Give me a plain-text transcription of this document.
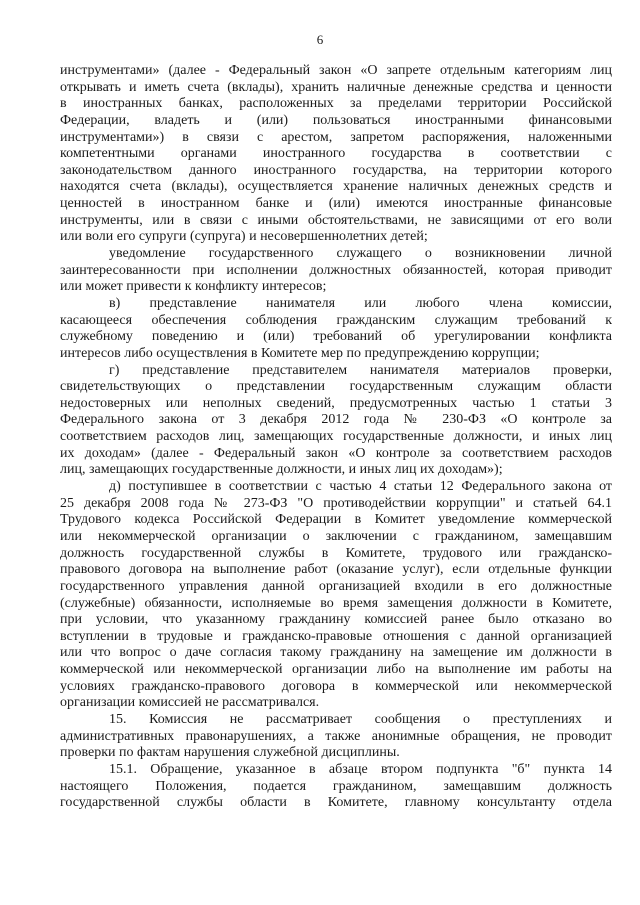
6
инструментами» (далее - Федеральный закон «О запрете отдельным категориям лиц
открывать и иметь счета (вклады), хранить наличные денежные средства и ценности
в иностранных банках, расположенных за пределами территории Российской
Федерации, владеть и (или) пользоваться иностранными финансовыми
инструментами») в связи с арестом, запретом распоряжения, наложенными
компетентными органами иностранного государства в соответствии с
законодательством данного иностранного государства, на территории которого
находятся счета (вклады), осуществляется хранение наличных денежных средств и
ценностей в иностранном банке и (или) имеются иностранные финансовые
инструменты, или в связи с иными обстоятельствами, не зависящими от его воли
или воли его супруги (супруга) и несовершеннолетних детей;
уведомление государственного служащего о возникновении личной
заинтересованности при исполнении должностных обязанностей, которая приводит
или может привести к конфликту интересов;
в) представление нанимателя или любого члена комиссии,
касающееся обеспечения соблюдения гражданским служащим требований к
служебному поведению и (или) требований об урегулировании конфликта
интересов либо осуществления в Комитете мер по предупреждению коррупции;
г) представление представителем нанимателя материалов проверки,
свидетельствующих о представлении государственным служащим области
недостоверных или неполных сведений, предусмотренных частью 1 статьи 3
Федерального закона от 3 декабря 2012 года № 230-ФЗ «О контроле за
соответствием расходов лиц, замещающих государственные должности, и иных лиц
их доходам» (далее - Федеральный закон «О контроле за соответствием расходов
лиц, замещающих государственные должности, и иных лиц их доходам»);
д) поступившее в соответствии с частью 4 статьи 12 Федерального закона от
25 декабря 2008 года № 273-ФЗ "О противодействии коррупции" и статьей 64.1
Трудового кодекса Российской Федерации в Комитет уведомление коммерческой
или некоммерческой организации о заключении с гражданином, замещавшим
должность государственной службы в Комитете, трудового или гражданско-
правового договора на выполнение работ (оказание услуг), если отдельные функции
государственного управления данной организацией входили в его должностные
(служебные) обязанности, исполняемые во время замещения должности в Комитете,
при условии, что указанному гражданину комиссией ранее было отказано во
вступлении в трудовые и гражданско-правовые отношения с данной организацией
или что вопрос о даче согласия такому гражданину на замещение им должности в
коммерческой или некоммерческой организации либо на выполнение им работы на
условиях гражданско-правового договора в коммерческой или некоммерческой
организации комиссией не рассматривался.
15. Комиссия не рассматривает сообщения о преступлениях и
административных правонарушениях, а также анонимные обращения, не проводит
проверки по фактам нарушения служебной дисциплины.
15.1. Обращение, указанное в абзаце втором подпункта "б" пункта 14
настоящего Положения, подается гражданином, замещавшим должность
государственной службы области в Комитете, главному консультанту отдела
